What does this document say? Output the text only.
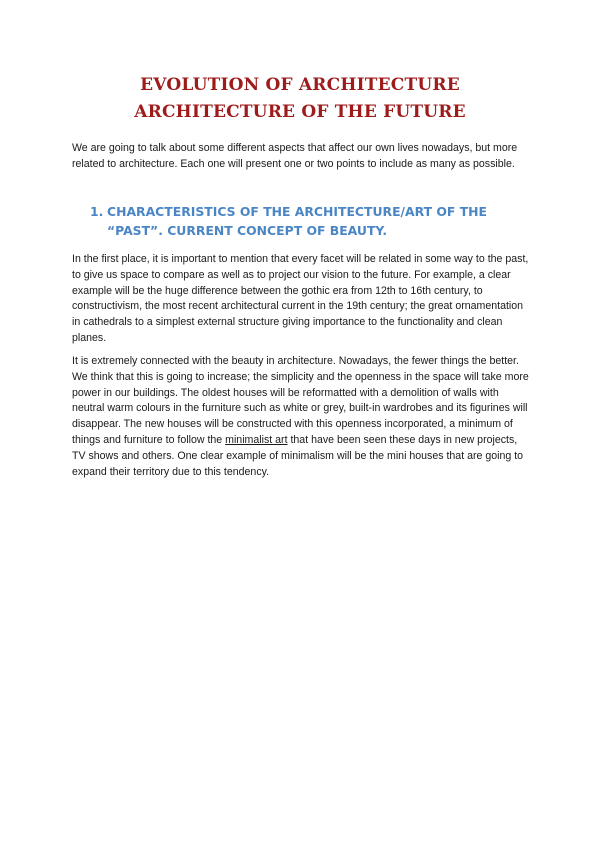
EVOLUTION OF ARCHITECTURE
ARCHITECTURE OF THE FUTURE

We are going to talk about some different aspects that affect our own lives nowadays, but more related to architecture. Each one will present one or two points to include as many as possible.

1. CHARACTERISTICS OF THE ARCHITECTURE/ART OF THE “PAST”. CURRENT CONCEPT OF BEAUTY.

In the first place, it is important to mention that every facet will be related in some way to the past, to give us space to compare as well as to project our vision to the future. For example, a clear example will be the huge difference between the gothic era from 12th to 16th century, to constructivism, the most recent architectural current in the 19th century; the great ornamentation in cathedrals to a simplest external structure giving importance to the functionality and clean planes.

It is extremely connected with the beauty in architecture. Nowadays, the fewer things the better. We think that this is going to increase; the simplicity and the openness in the space will take more power in our buildings. The oldest houses will be reformatted with a demolition of walls with neutral warm colours in the furniture such as white or grey, built-in wardrobes and its figurines will disappear. The new houses will be constructed with this openness incorporated, a minimum of things and furniture to follow the minimalist art that have been seen these days in new projects, TV shows and others. One clear example of minimalism will be the mini houses that are going to expand their territory due to this tendency.
